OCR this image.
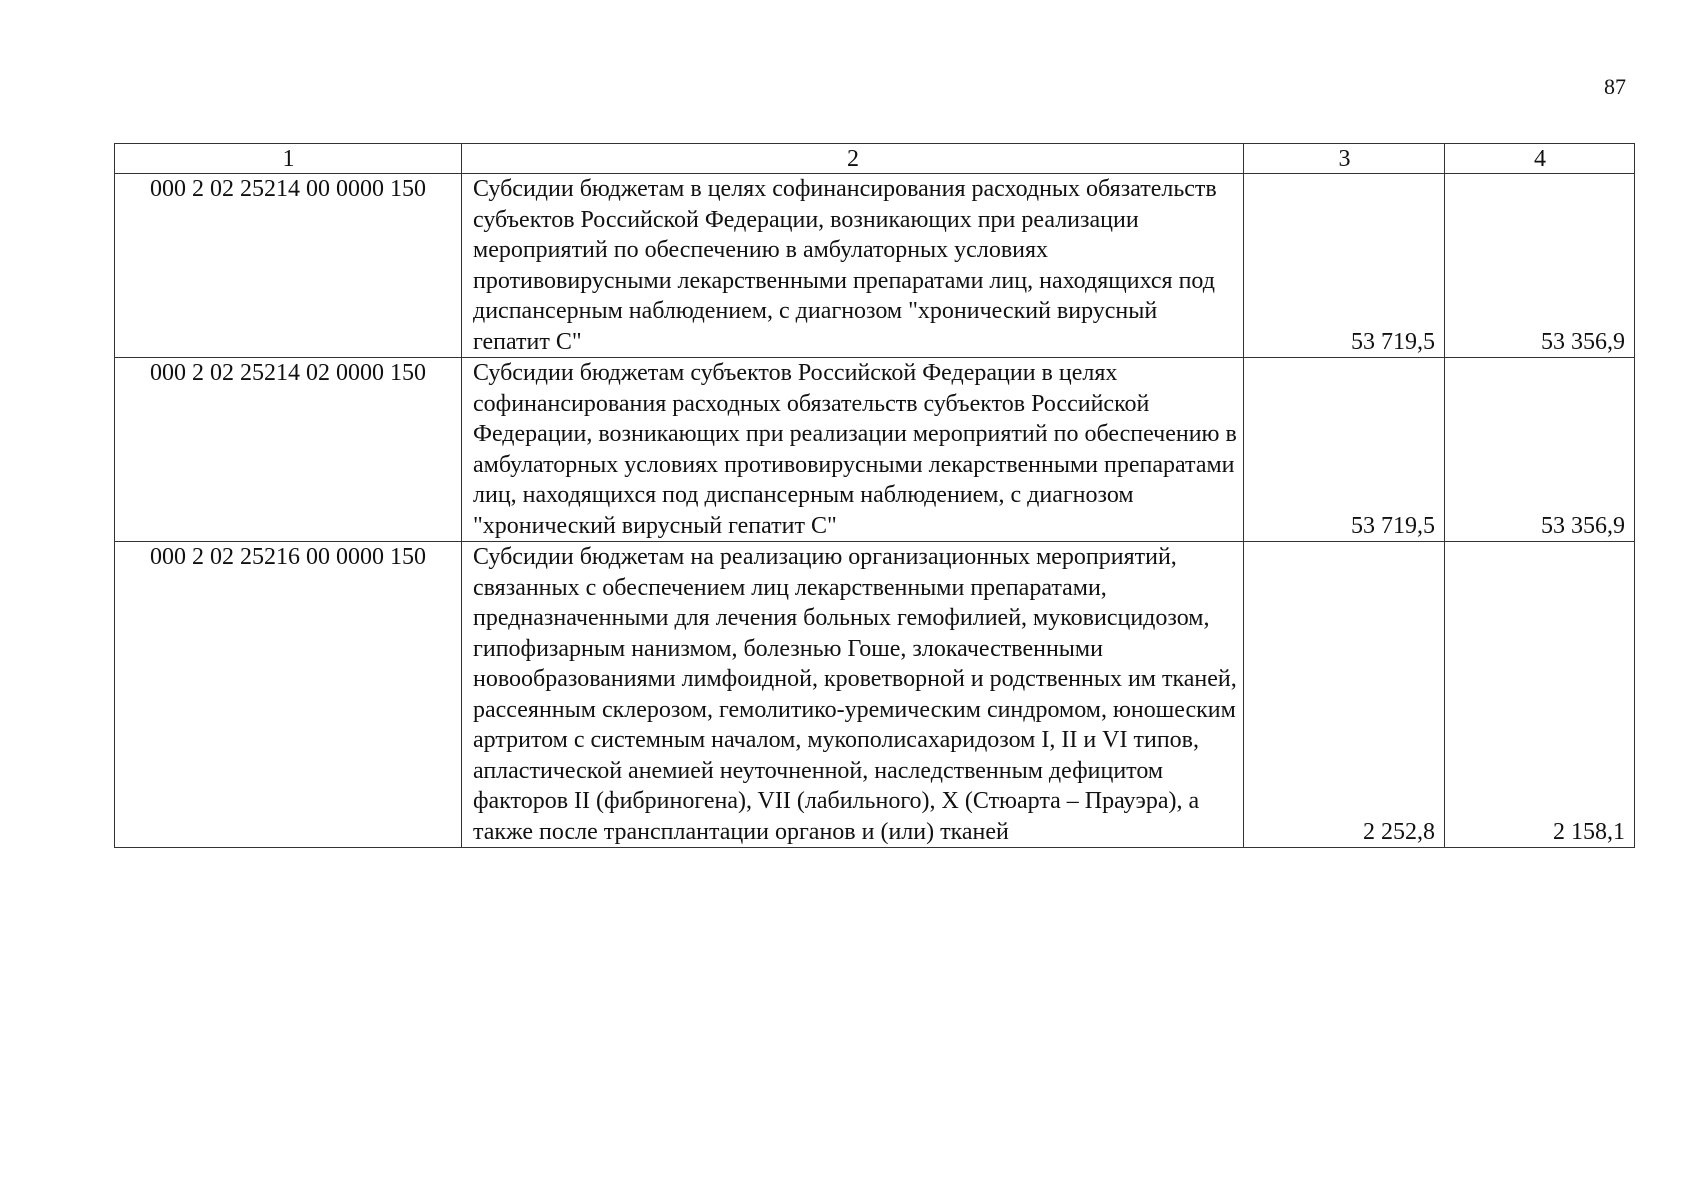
87
1	2	3	4
000 2 02 25214 00 0000 150	Субсидии бюджетам в целях софинансирования расходных обязательств субъектов Российской Федерации, возникающих при реализации мероприятий по обеспечению в амбулаторных условиях противовирусными лекарственными препаратами лиц, находящихся под диспансерным наблюдением, с диагнозом "хронический вирусный гепатит С"	53 719,5	53 356,9
000 2 02 25214 02 0000 150	Субсидии бюджетам субъектов Российской Федерации в целях софинансирования расходных обязательств субъектов Российской Федерации, возникающих при реализации мероприятий по обеспечению в амбулаторных условиях противовирусными лекарственными препаратами лиц, находящихся под диспансерным наблюдением, с диагнозом "хронический вирусный гепатит С"	53 719,5	53 356,9
000 2 02 25216 00 0000 150	Субсидии бюджетам на реализацию организационных мероприятий, связанных с обеспечением лиц лекарственными препаратами, предназначенными для лечения больных гемофилией, муковисцидозом, гипофизарным нанизмом, болезнью Гоше, злокачественными новообразованиями лимфоидной, кроветворной и родственных им тканей, рассеянным склерозом, гемолитико-уремическим синдромом, юношеским артритом с системным началом, мукополисахаридозом I, II и VI типов, апластической анемией неуточненной, наследственным дефицитом факторов II (фибриногена), VII (лабильного), X (Стюарта – Прауэра), а также после трансплантации органов и (или) тканей	2 252,8	2 158,1
